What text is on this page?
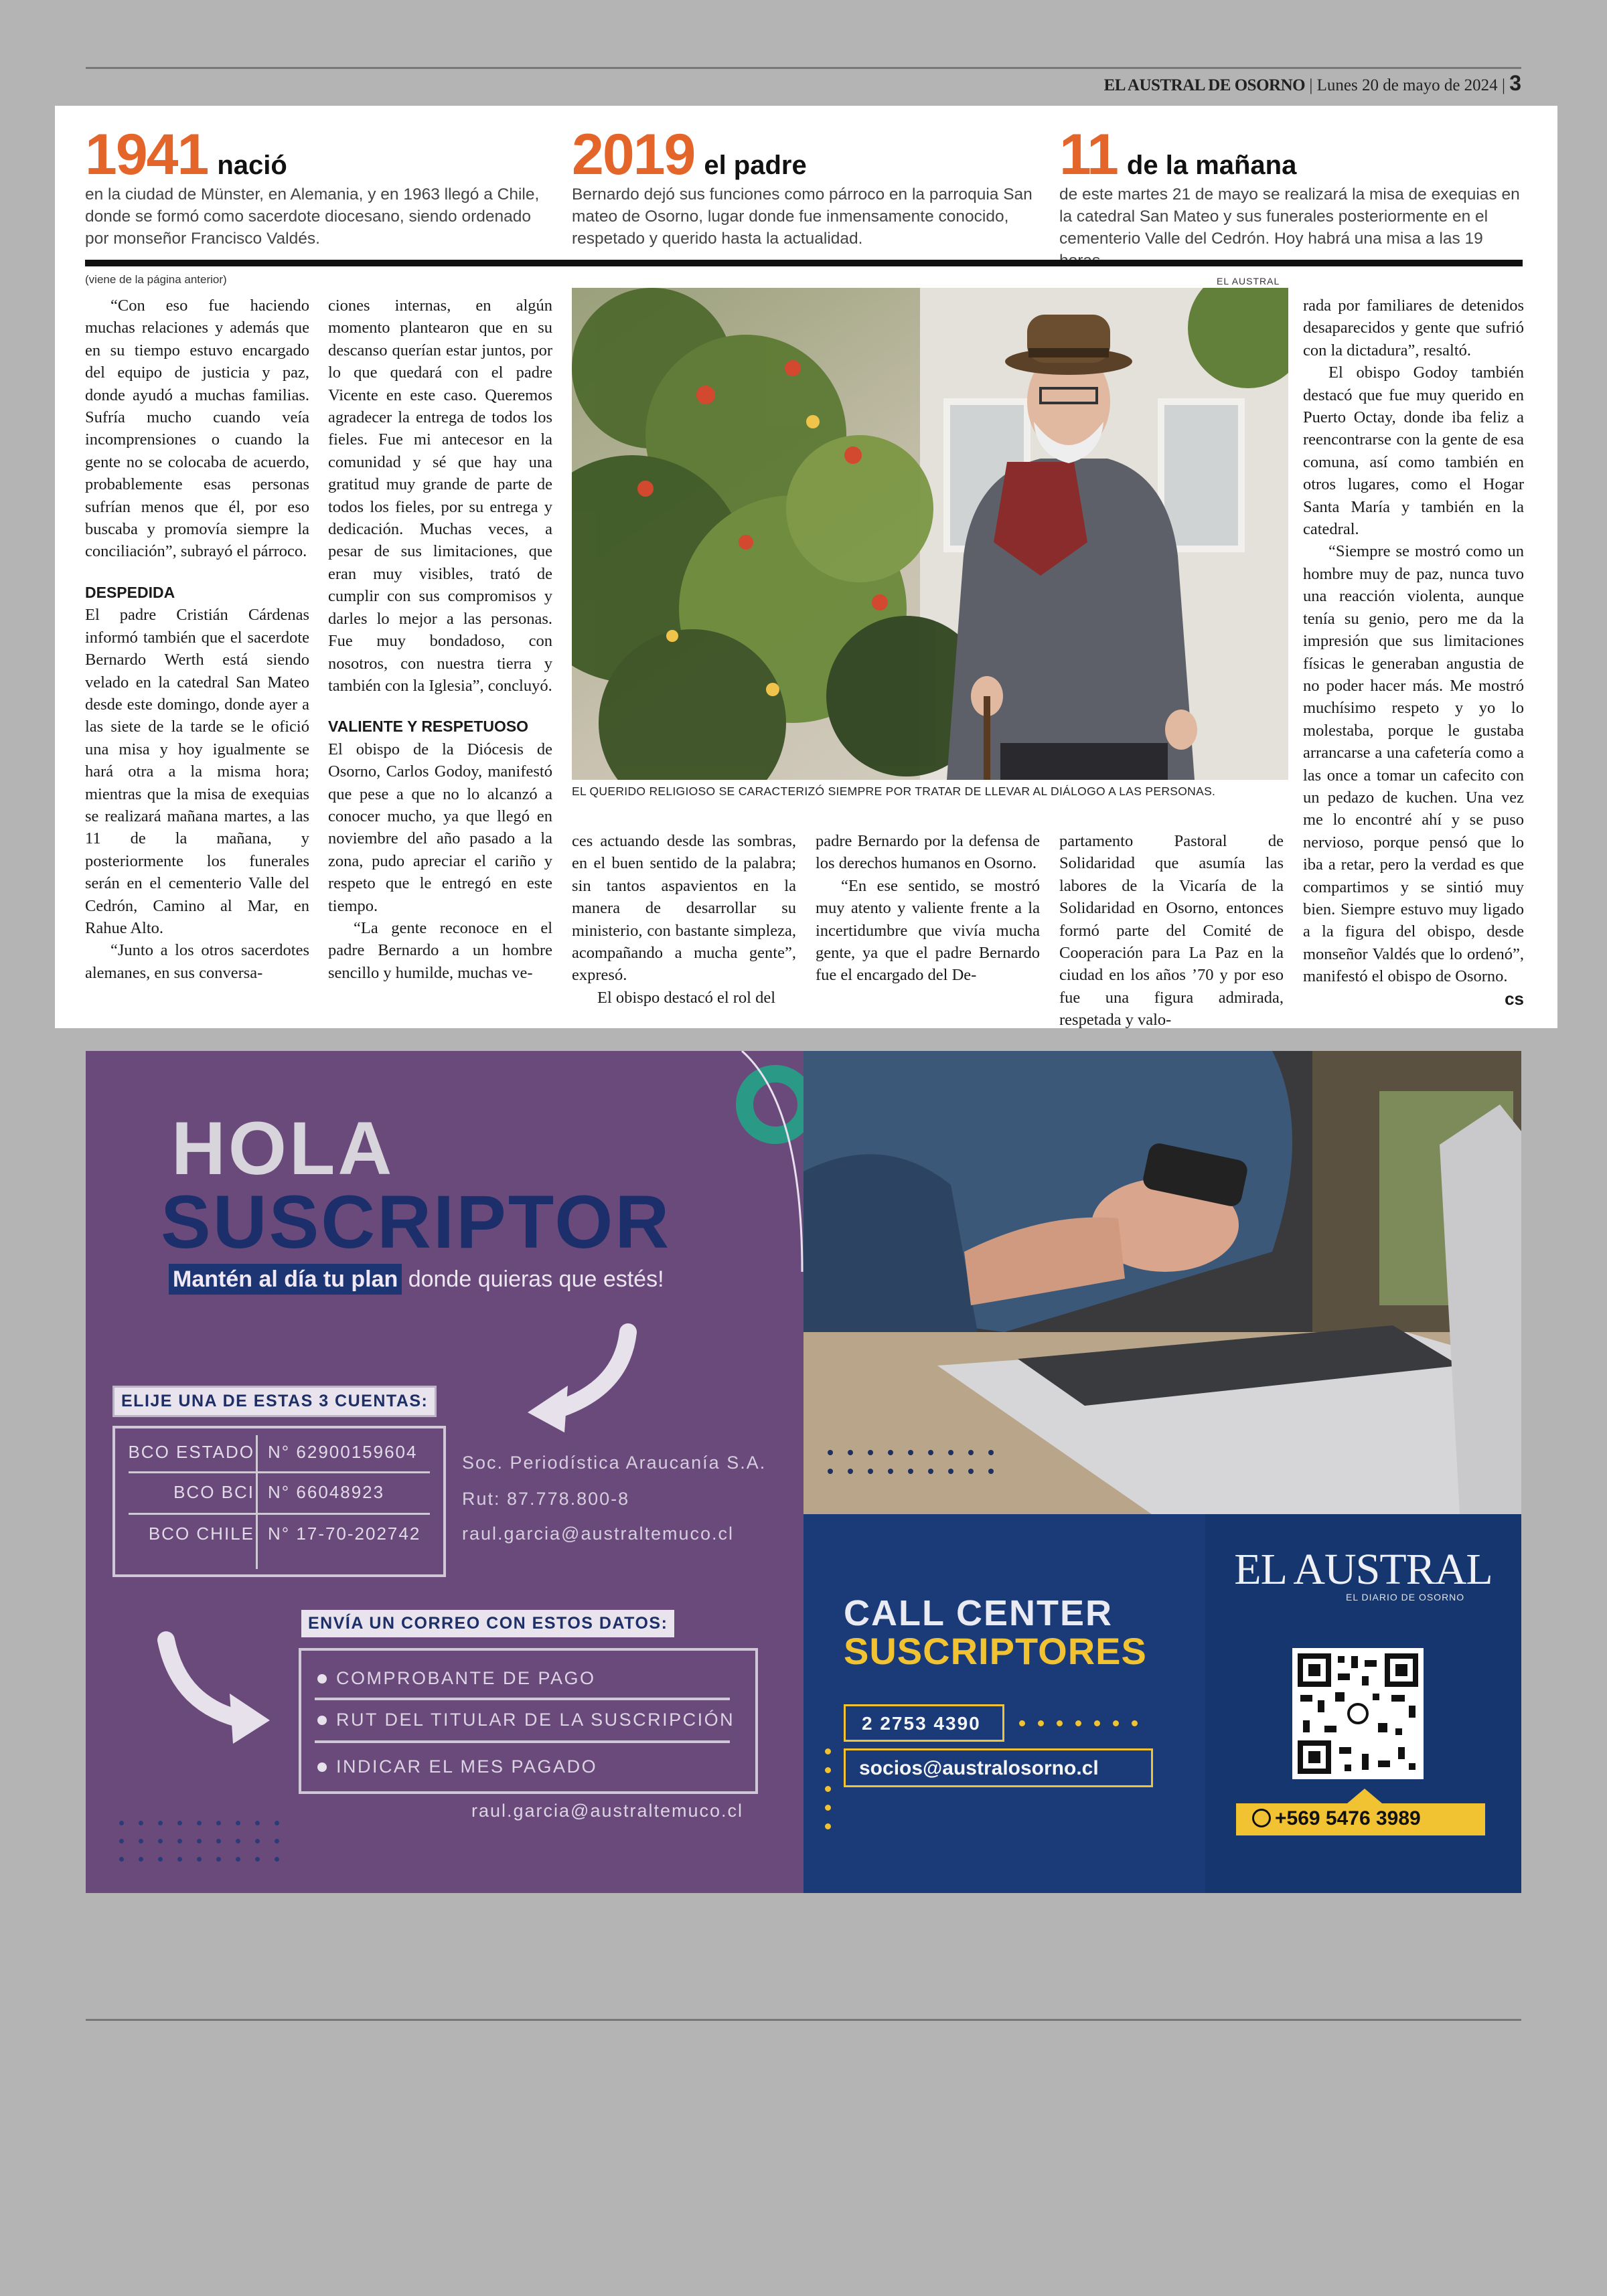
EL AUSTRAL DE OSORNO | Lunes 20 de mayo de 2024 | 3
1941 nació
en la ciudad de Münster, en Alemania, y en 1963 llegó a Chile, donde se formó como sacerdote diocesano, siendo ordenado por monseñor Francisco Valdés.
2019 el padre
Bernardo dejó sus funciones como párroco en la parroquia San mateo de Osorno, lugar donde fue inmensamente conocido, respetado y querido hasta la actualidad.
11 de la mañana
de este martes 21 de mayo se realizará la misa de exequias en la catedral San Mateo y sus funerales posteriormente en el cementerio Valle del Cedrón. Hoy habrá una misa a las 19
(viene de la página anterior)	EL AUSTRAL

“Con eso fue haciendo muchas relaciones y además que en su tiempo estuvo encargado del equipo de justicia y paz, donde ayudó a muchas familias. Sufría mucho cuando veía incomprensiones o cuando la gente no se colocaba de acuerdo, probablemente esas personas sufrían menos que él, por eso buscaba y promovía siempre la conciliación”, subrayó el párroco.

DESPEDIDA

El padre Cristián Cárdenas informó también que el sacerdote Bernardo Werth está siendo velado en la catedral San Mateo desde este domingo, donde ayer a las siete de la tarde se le ofició una misa y hoy igualmente se hará otra a la misma hora; mientras que la misa de exequias se realizará mañana martes, a las 11 de la mañana, y posteriormente los funerales serán en el cementerio Valle del Cedrón, Camino al Mar, en Rahue Alto.

“Junto a los otros sacerdotes alemanes, en sus conversa-

ciones internas, en algún momento plantearon que en su descanso querían estar juntos, por lo que quedará con el padre Vicente en este caso. Queremos agradecer la entrega de todos los fieles. Fue mi antecesor en la comunidad y sé que hay una gratitud muy grande de parte de todos los fieles, por su entrega y dedicación. Muchas veces, a pesar de sus limitaciones, que eran muy visibles, trató de cumplir con sus compromisos y darles lo mejor a las personas. Fue muy bondadoso, con nosotros, con nuestra tierra y también con la Iglesia”, concluyó.

VALIENTE Y RESPETUOSO

El obispo de la Diócesis de Osorno, Carlos Godoy, manifestó que pese a que no lo alcanzó a conocer mucho, ya que llegó en noviembre del año pasado a la zona, pudo apreciar el cariño y respeto que le entregó en este tiempo.

“La gente reconoce en el padre Bernardo a un hombre sencillo y humilde, muchas ve-

EL QUERIDO RELIGIOSO SE CARACTERIZÓ SIEMPRE POR TRATAR DE LLEVAR AL DIÁLOGO A LAS PERSONAS.

ces actuando desde las sombras, en el buen sentido de la palabra; sin tantos aspavientos en la manera de desarrollar su ministerio, con bastante simpleza, acompañando a mucha gente”, expresó.

El obispo destacó el rol del

padre Bernardo por la defensa de los derechos humanos en Osorno.

“En ese sentido, se mostró muy atento y valiente frente a la incertidumbre que vivía mucha gente, ya que el padre Bernardo fue el encargado del De-

partamento Pastoral de Solidaridad que asumía las labores de la Vicaría de la Solidaridad en Osorno, entonces formó parte del Comité de Cooperación para La Paz en la ciudad en los años ’70 y por eso fue una figura admirada, respetada y valo-

rada por familiares de detenidos desaparecidos y gente que sufrió con la dictadura”, resaltó.

El obispo Godoy también destacó que fue muy querido en Puerto Octay, donde iba feliz a reencontrarse con la gente de esa comuna, así como también en otros lugares, como el Hogar Santa María y también en la catedral.

“Siempre se mostró como un hombre muy de paz, nunca tuvo una reacción violenta, aunque tenía su genio, pero me da la impresión que sus limitaciones físicas le generaban angustia de no poder hacer más. Me mostró muchísimo respeto y yo lo molestaba, porque le gustaba arrancarse a una cafetería como a las once a tomar un cafecito con un pedazo de kuchen. Una vez me lo encontré ahí y se puso nervioso, porque pensó que lo iba a retar, pero la verdad es que compartimos y se sintió muy bien. Siempre estuvo muy ligado a la figura del obispo, desde monseñor Valdés que lo ordenó”, manifestó el obispo de Osorno.

cs
HOLA
SUSCRIPTOR
Mantén al día tu plan donde quieras que estés!
ELIJE UNA DE ESTAS 3 CUENTAS:
BCO ESTADO N° 62900159604
BCO BCI N° 66048923
BCO CHILE N° 17-70-202742
Soc. Periodística Araucanía S.A.
Rut: 87.778.800-8
raul.garcia@australtemuco.cl
ENVÍA UN CORREO CON ESTOS DATOS:
COMPROBANTE DE PAGO
RUT DEL TITULAR DE LA SUSCRIPCIÓN
INDICAR EL MES PAGADO
raul.garcia@australtemuco.cl
CALL CENTER
SUSCRIPTORES
2 2753 4390
socios@australosorno.cl
EL AUSTRAL
EL DIARIO DE OSORNO
+569 5476 3989
